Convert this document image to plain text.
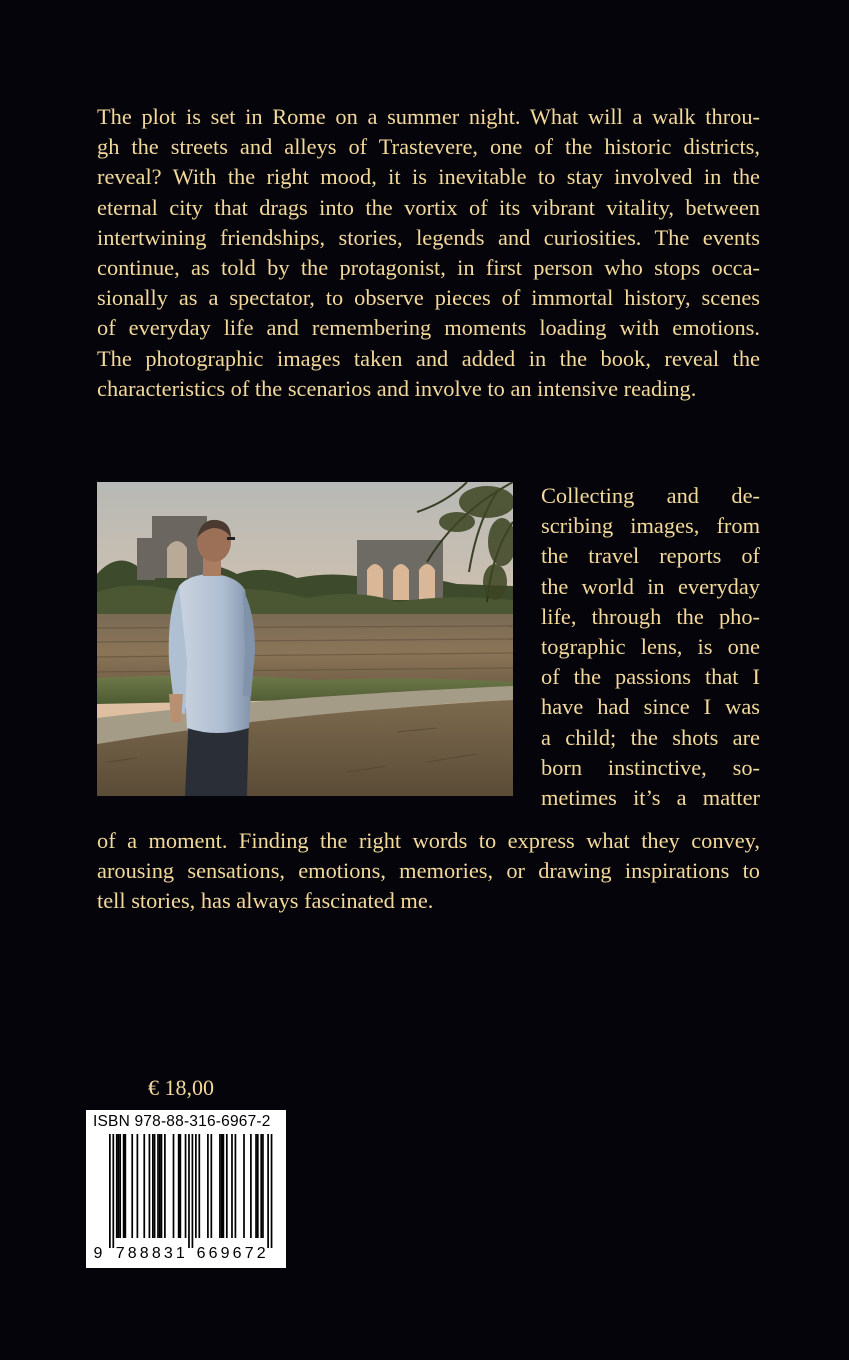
The plot is set in Rome on a summer night. What will a walk throu-
gh the streets and alleys of Trastevere, one of the historic districts,
reveal? With the right mood, it is inevitable to stay involved in the
eternal city that drags into the vortix of its vibrant vitality, between
intertwining friendships, stories, legends and curiosities. The events
continue, as told by the protagonist, in first person who stops occa-
sionally as a spectator, to observe pieces of immortal history, scenes
of everyday life and remembering moments loading with emotions.
The photographic images taken and added in the book, reveal the
characteristics of the scenarios and involve to an intensive reading.
Collecting and de-
scribing images, from
the travel reports of
the world in everyday
life, through the pho-
tographic lens, is one
of the passions that I
have had since I was
a child; the shots are
born instinctive, so-
metimes it’s a matter
of a moment. Finding the right words to express what they convey,
arousing sensations, emotions, memories, or drawing inspirations to
tell stories, has always fascinated me.
€ 18,00
ISBN 978-88-316-6967-2
9 7 8 8 8 3 1 6 6 9 6 7 2
